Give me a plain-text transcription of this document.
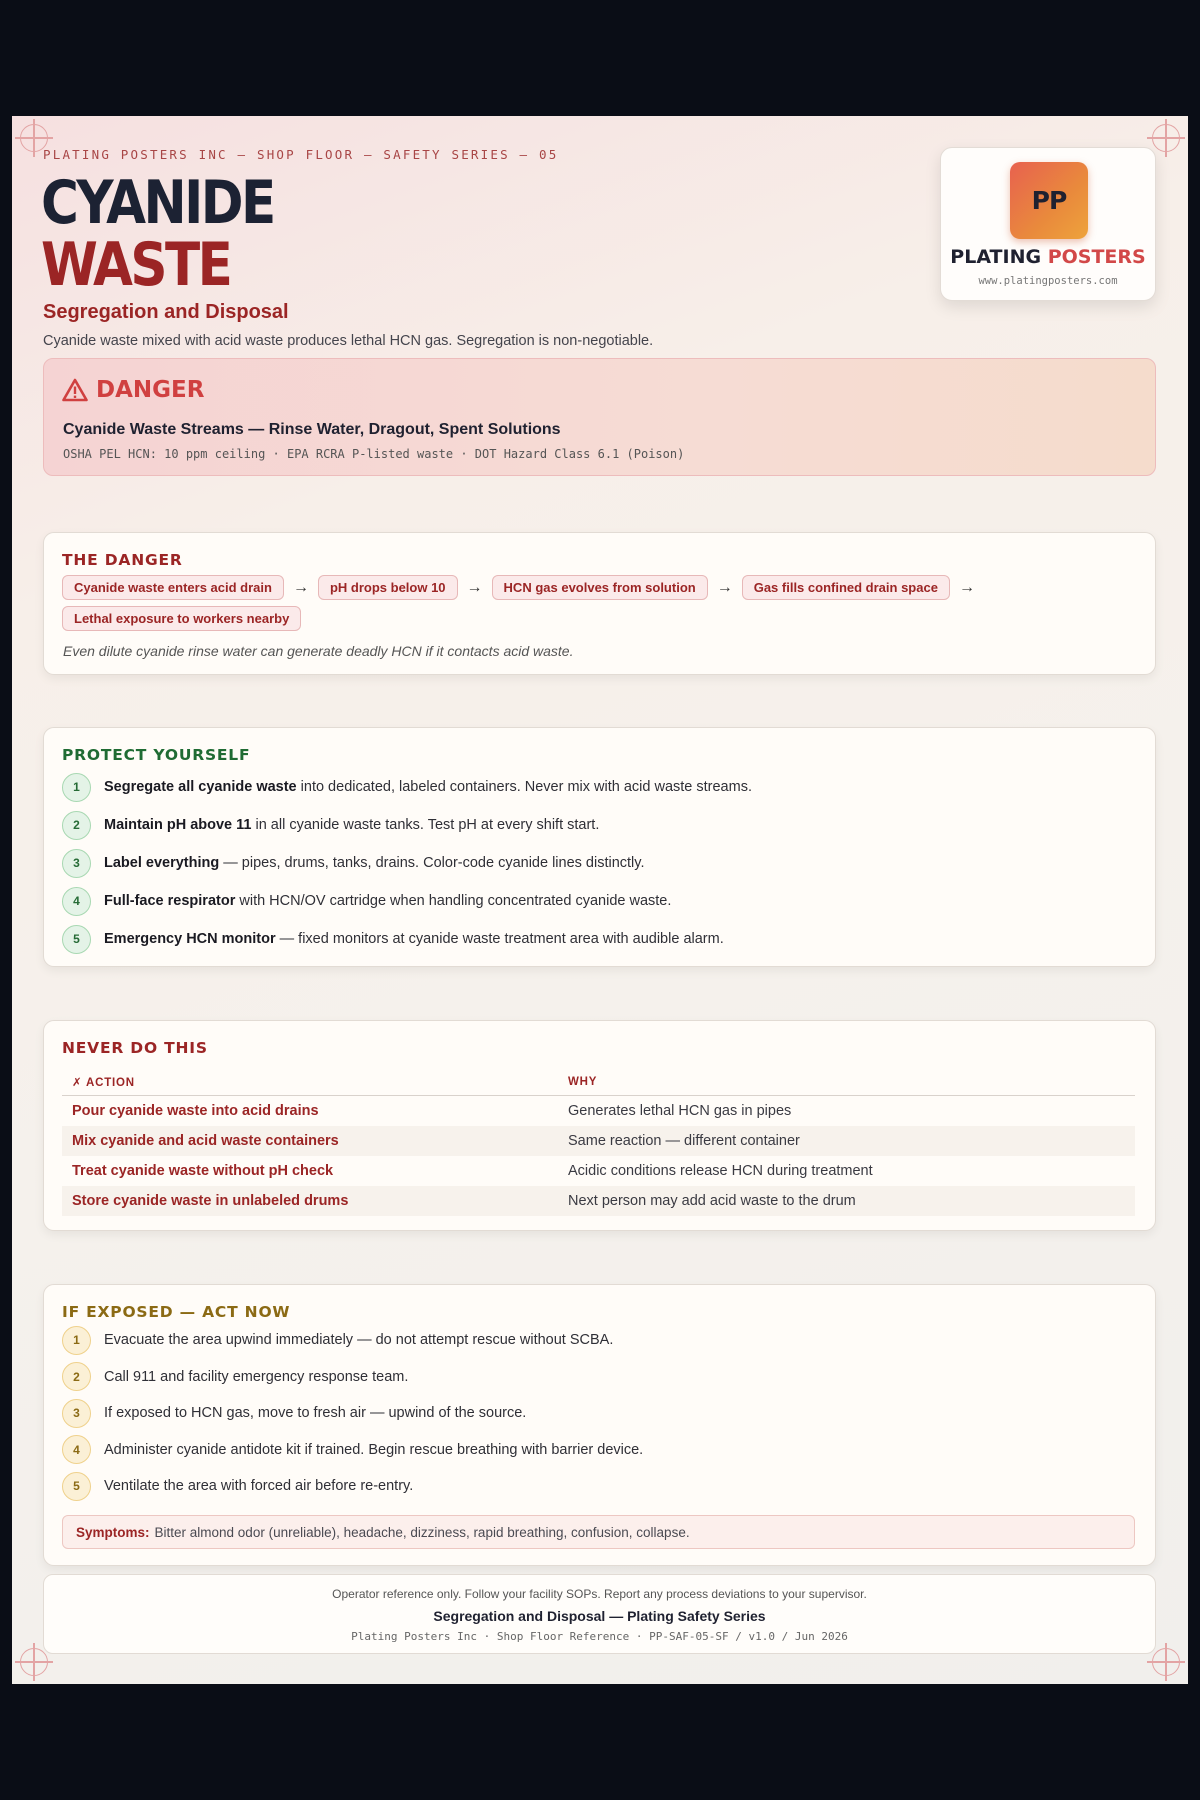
PLATING POSTERS INC — SHOP FLOOR — SAFETY SERIES — 05
CYANIDE
WASTE
Segregation and Disposal
Cyanide waste mixed with acid waste produces lethal HCN gas. Segregation is non-negotiable.
PP
PLATING POSTERS
www.platingposters.com
DANGER
Cyanide Waste Streams — Rinse Water, Dragout, Spent Solutions
OSHA PEL HCN: 10 ppm ceiling · EPA RCRA P-listed waste · DOT Hazard Class 6.1 (Poison)
THE DANGER
Cyanide waste enters acid drain	→	pH drops below 10	→	HCN gas evolves from solution	→	Gas fills confined drain space	→
Lethal exposure to workers nearby
Even dilute cyanide rinse water can generate deadly HCN if it contacts acid waste.
PROTECT YOURSELF
1	Segregate all cyanide waste into dedicated, labeled containers. Never mix with acid waste streams.
2	Maintain pH above 11 in all cyanide waste tanks. Test pH at every shift start.
3	Label everything — pipes, drums, tanks, drains. Color-code cyanide lines distinctly.
4	Full-face respirator with HCN/OV cartridge when handling concentrated cyanide waste.
5	Emergency HCN monitor — fixed monitors at cyanide waste treatment area with audible alarm.
NEVER DO THIS
✗ ACTION	WHY
Pour cyanide waste into acid drains	Generates lethal HCN gas in pipes
Mix cyanide and acid waste containers	Same reaction — different container
Treat cyanide waste without pH check	Acidic conditions release HCN during treatment
Store cyanide waste in unlabeled drums	Next person may add acid waste to the drum
IF EXPOSED — ACT NOW
1	Evacuate the area upwind immediately — do not attempt rescue without SCBA.
2	Call 911 and facility emergency response team.
3	If exposed to HCN gas, move to fresh air — upwind of the source.
4	Administer cyanide antidote kit if trained. Begin rescue breathing with barrier device.
5	Ventilate the area with forced air before re-entry.
Symptoms: Bitter almond odor (unreliable), headache, dizziness, rapid breathing, confusion, collapse.
Operator reference only. Follow your facility SOPs. Report any process deviations to your supervisor.
Segregation and Disposal — Plating Safety Series
Plating Posters Inc · Shop Floor Reference · PP-SAF-05-SF / v1.0 / Jun 2026
